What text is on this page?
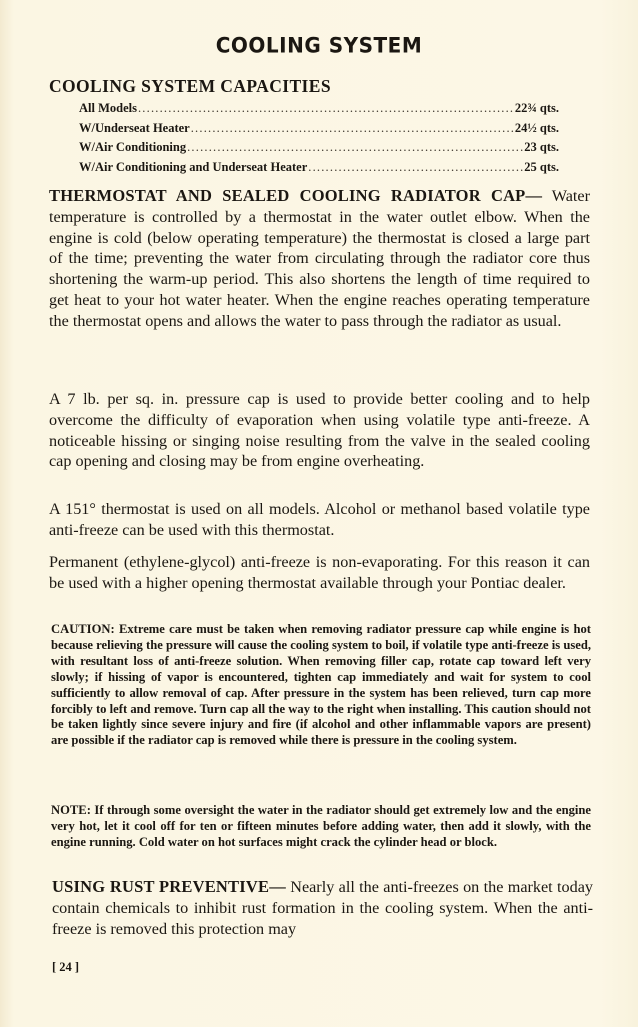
COOLING SYSTEM
COOLING SYSTEM CAPACITIES
All Models .....	22¾ qts.
W/Underseat Heater .....	24½ qts.
W/Air Conditioning .....	23 qts.
W/Air Conditioning and Underseat Heater .....	25 qts.
THERMOSTAT AND SEALED COOLING RADIATOR CAP— Water temperature is controlled by a thermostat in the water outlet elbow. When the engine is cold (below operating temperature) the thermostat is closed a large part of the time; preventing the water from circulating through the radiator core thus shortening the warm-up period. This also shortens the length of time required to get heat to your hot water heater. When the engine reaches operating temperature the thermostat opens and allows the water to pass through the radiator as usual.
A 7 lb. per sq. in. pressure cap is used to provide better cooling and to help overcome the difficulty of evaporation when using volatile type anti-freeze. A noticeable hissing or singing noise resulting from the valve in the sealed cooling cap opening and closing may be from engine overheating.
A 151° thermostat is used on all models. Alcohol or methanol based volatile type anti-freeze can be used with this thermostat.
Permanent (ethylene-glycol) anti-freeze is non-evaporating. For this reason it can be used with a higher opening thermostat available through your Pontiac dealer.
CAUTION: Extreme care must be taken when removing radiator pressure cap while engine is hot because relieving the pressure will cause the cooling system to boil, if volatile type anti-freeze is used, with resultant loss of anti-freeze solution. When removing filler cap, rotate cap toward left very slowly; if hissing of vapor is encountered, tighten cap immediately and wait for system to cool sufficiently to allow removal of cap. After pressure in the system has been relieved, turn cap more forcibly to left and remove. Turn cap all the way to the right when installing. This caution should not be taken lightly since severe injury and fire (if alcohol and other inflammable vapors are present) are possible if the radiator cap is removed while there is pressure in the cooling system.
NOTE: If through some oversight the water in the radiator should get extremely low and the engine very hot, let it cool off for ten or fifteen minutes before adding water, then add it slowly, with the engine running. Cold water on hot surfaces might crack the cylinder head or block.
USING RUST PREVENTIVE— Nearly all the anti-freezes on the market today contain chemicals to inhibit rust formation in the cooling system. When the anti-freeze is removed this protection may
[ 24 ]
